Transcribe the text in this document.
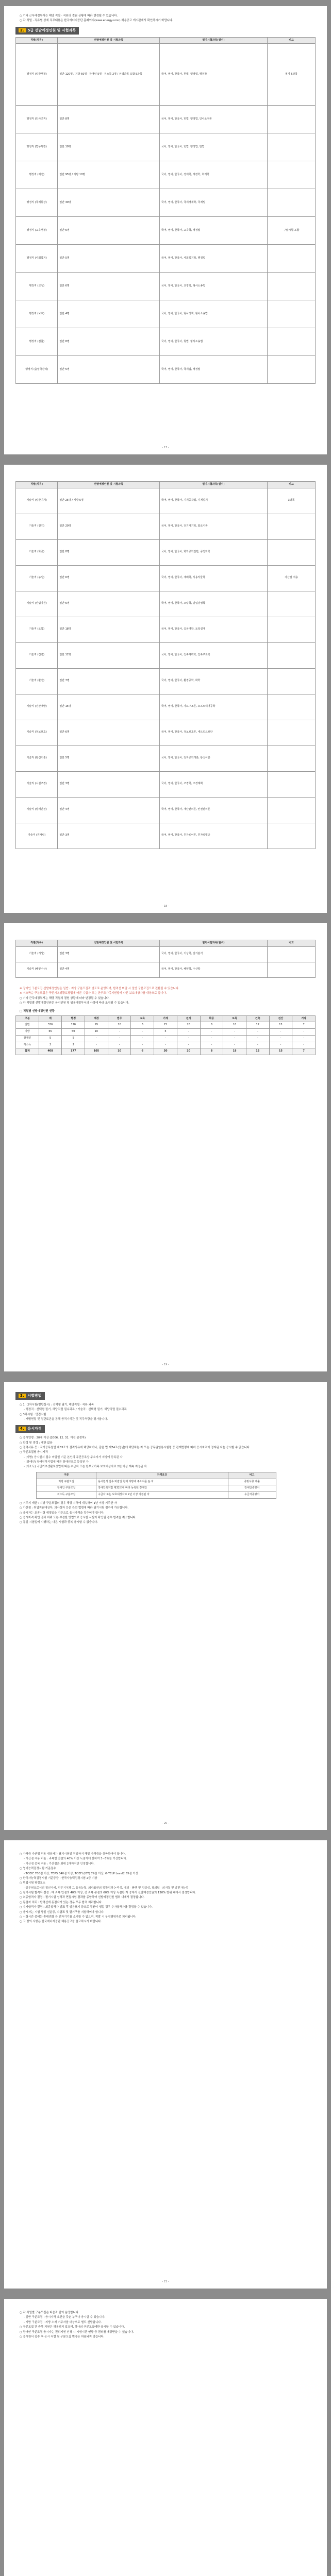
○ 기타 근무예정부서는 해당 직렬 · 직류의 결원 상황에 따라 변경될 수 있습니다.
○ 각 직렬 · 직류별 상세 직무내용은 한국에너지공단 홈페이지(www.energy.or.kr) 채용공고 게시판에서 확인하시기 바랍니다.
2. 5급 선발예정인원 및 시험과목
직렬(직류)	선발예정인원 및 시험과목	필기시험과목(필수)	비고
행정직 (일반행정)	일반 120명 / 지방 50명 · 장애인 5명 · 저소득 2명 / 선택과목 포함 5과목	국어, 영어, 한국사, 헌법, 행정법, 행정학	필기 5과목
행정직 (인사조직)	일반 8명	국어, 영어, 한국사, 헌법, 행정법, 인사조직론	
행정직 (법무행정)	일반 10명	국어, 영어, 한국사, 헌법, 행정법, 민법	
행정직 (재경)	일반 95명 / 지방 10명	국어, 영어, 한국사, 경제학, 재정학, 회계학	
행정직 (국제통상)	일반 30명	국어, 영어, 한국사, 국제경제학, 국제법	
행정직 (교육행정)	일반 6명	국어, 영어, 한국사, 교육학, 행정법	구술시험 포함
행정직 (사회복지)	일반 5명	국어, 영어, 한국사, 사회복지학, 행정법	
행정직 (교정)	일반 6명	국어, 영어, 한국사, 교정학, 형사소송법	
행정직 (보호)	일반 4명	국어, 영어, 한국사, 형사정책, 형사소송법	
행정직 (검찰)	일반 8명	국어, 영어, 한국사, 형법, 형사소송법	
행정직 (출입국관리)	일반 5명	국어, 영어, 한국사, 국제법, 행정법	
- 17 -
직렬(직류)	선발예정인원 및 시험과목	필기시험과목(필수)	비고
기술직 (일반기계)	일반 25명 / 지방 5명	국어, 영어, 한국사, 기계공작법, 기계설계	3과목
기술직 (전기)	일반 20명	국어, 영어, 한국사, 전기자기학, 회로이론	
기술직 (화공)	일반 8명	국어, 영어, 한국사, 화학공학일반, 공업화학	
기술직 (농업)	일반 6명	국어, 영어, 한국사, 재배학, 식용작물학	가산점 적용
기술직 (산림자원)	일반 6명	국어, 영어, 한국사, 조림학, 임업경영학	
기술직 (토목)	일반 18명	국어, 영어, 한국사, 응용역학, 토목설계	
기술직 (건축)	일반 12명	국어, 영어, 한국사, 건축계획학, 건축구조학	
기술직 (환경)	일반 7명	국어, 영어, 한국사, 환경공학, 화학	
기술직 (전산개발)	일반 15명	국어, 영어, 한국사, 자료구조론, 소프트웨어공학	
기술직 (정보보호)	일반 6명	국어, 영어, 한국사, 정보보호론, 네트워크보안	
기술직 (통신기술)	일반 5명	국어, 영어, 한국사, 전자공학개론, 통신이론	
기술직 (시설조경)	일반 3명	국어, 영어, 한국사, 조경학, 조경계획	
기술직 (방재안전)	일반 4명	국어, 영어, 한국사, 재난관리론, 안전관리론	
기술직 (원자력)	일반 3명	국어, 영어, 한국사, 원자로이론, 원자력법규	
- 18 -
직렬(직류)	선발예정인원 및 시험과목	필기시험과목(필수)	비고
기술직 (기상)	일반 3명	국어, 영어, 한국사, 기상학, 일기분석	
기술직 (해양수산)	일반 4명	국어, 영어, 한국사, 해양학, 수산학	
※ 장애인 구분모집 선발예정인원은 일반 · 지방 구분모집과 별도로 운영되며, 합격선 미달 시 일반 구분모집으로 전환될 수 있습니다.
※ 저소득층 구분모집은 국민기초생활보장법에 따른 수급자 또는 한부모가족지원법에 따른 보호대상자를 대상으로 합니다.
○ 기타 근무예정부서는 해당 직렬의 결원 상황에 따라 변경될 수 있습니다.
○ 각 직렬별 선발예정인원은 응시인원 및 임용예정부서의 사정에 따라 조정될 수 있습니다.
□ 직렬별 선발예정인원 현황
구분	계	행정	재경	법무	교육	기계	전기	화공	토목	건축	전산	기타
일반	336	120	95	10	6	25	20	8	18	12	15	7
지방	65	50	10	-	-	5	-	-	-	-	-	-
장애인	5	5	-	-	-	-	-	-	-	-	-	-
저소득	2	2	-	-	-	-	-	-	-	-	-	-
합계	408	177	105	10	6	30	20	8	18	12	15	7
- 19 -
3. 시험방법
○ 1 · 2차시험(병합실시) : 선택형 필기, 해당직렬 · 직류 과목
- 행정직 : 선택형 필기, 해당직렬 필수과목 / 기술직 : 선택형 필기, 해당직렬 필수과목
○ 3차시험 : 면접시험
- 개별면접 및 집단토론을 통해 공직가치관 및 직무역량을 평가합니다.
4. 응시자격
○ 응시연령 : 20세 이상 (2006. 12. 31. 이전 출생자)
○ 학력 및 경력 : 제한 없음
○ 결격사유 등 : 국가공무원법 제33조의 결격사유에 해당하거나, 같은 법 제74조(정년)에 해당하는 자 또는 공무원임용시험령 등 관계법령에 따라 응시자격이 정지된 자는 응시할 수 없습니다.
○ 구분모집별 응시자격
- (지방) 응시원서 접수 마감일 기준 본인의 주민등록상 주소지가 지방에 등록된 자
- (장애인) 장애인복지법에 따른 장애인으로 등록된 자
- (저소득) 국민기초생활보장법에 따른 수급자 또는 한부모가족 보호대상자로 2년 이상 계속 지정된 자
구분	자격요건	비고
지방 구분모집	응시원서 접수 마감일 현재 지방에 주소지를 둔 자	증빙서류 제출
장애인 구분모집	장애인복지법 제32조에 따라 등록된 장애인	장애인증명서
저소득 구분모집	수급자 또는 보호대상자로 2년 이상 지정된 자	수급자증명서
○ 거주지 제한 : 지방 구분모집의 경우 해당 지역에 계속하여 1년 이상 거주한 자
○ 가산점 : 취업지원대상자, 의사상자 등은 관련 법령에 따라 필기시험 점수에 가산합니다.
○ 응시자는 최종시험 예정일을 기준으로 응시자격을 갖추어야 합니다.
○ 응시자격 확인 결과 허위 또는 부정한 방법으로 응시한 사실이 확인될 경우 합격을 취소합니다.
○ 동일 시험일에 시행하는 다른 시험과 중복 응시할 수 없습니다.
- 20 -
○ 자격증 가산점 적용 대상자는 필기시험일 전일까지 해당 자격증을 취득하여야 합니다.
- 가산점 적용 비율 : 과목별 만점의 40% 이상 득점자에 한하여 3~5%를 가산합니다.
- 가산점 중복 적용 : 가산점은 최대 2개까지만 인정합니다.
○ 영어능력검정시험 기준점수
- TOEIC 700점 이상, TEPS 340점 이상, TOEFL(IBT) 79점 이상, G-TELP Level2 65점 이상
○ 한국사능력검정시험 기준등급 : 한국사능력검정시험 2급 이상
○ 면접시험 평정요소
- 공무원으로서의 정신자세, 전문지식과 그 응용능력, 의사표현의 정확성과 논리성, 예의 · 품행 및 성실성, 창의력 · 의지력 및 발전가능성
○ 필기시험 합격자 결정 : 매 과목 만점의 40% 이상, 전 과목 총점의 60% 이상 득점한 자 중에서 선발예정인원의 130% 범위 내에서 결정합니다.
○ 최종합격자 결정 : 필기시험 성적과 면접시험 결과를 종합하여 선발예정인원 범위 내에서 결정합니다.
○ 동점자 처리 : 합격선에 동점자가 있는 경우 모두 합격 처리합니다.
○ 추가합격자 결정 : 최종합격자 발표 후 임용포기 등으로 결원이 생길 경우 추가합격자를 결정할 수 있습니다.
○ 응시자는 시험 당일 신분증, 수험표 및 필기구를 지참하여야 합니다.
○ 시험시간 중에는 휴대전화 등 전자기기를 소지할 수 없으며, 적발 시 부정행위자로 처리됩니다.
○ 그 밖의 사항은 한국에너지공단 채용공고를 참고하시기 바랍니다.
- 21 -
○ 각 직렬별 구분모집은 다음과 같이 운영합니다.
- 일반 구분모집 : 응시자격 요건을 갖춘 누구나 응시할 수 있습니다.
- 지방 구분모집 : 지방 소재 거주자를 대상으로 별도 선발합니다.
○ 구분모집 간 중복 지원은 허용되지 않으며, 하나의 구분모집에만 응시할 수 있습니다.
○ 장애인 구분모집 응시자는 편의지원 신청 시 시험시간 연장 등 편의를 제공받을 수 있습니다.
○ 응시원서 접수 후 응시 직렬 및 구분모집 변경은 허용되지 않습니다.
